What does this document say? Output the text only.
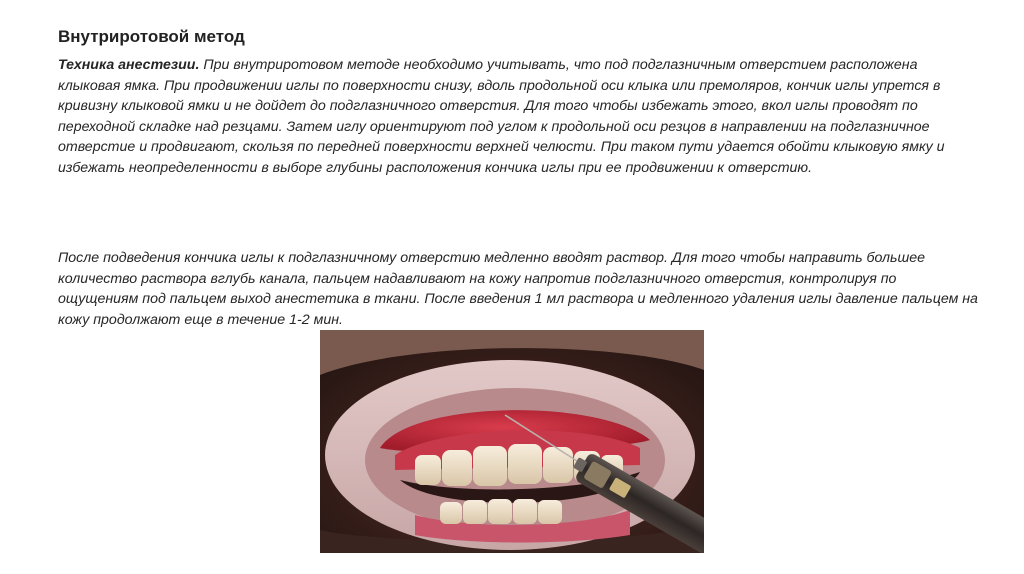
Внутриротовой метод
Техника анестезии. При внутриротовом методе необходимо учитывать, что под подглазничным отверстием расположена клыковая ямка. При продвижении иглы по поверхности снизу, вдоль продольной оси клыка или премоляров, кончик иглы упрется в кривизну клыковой ямки и не дойдет до подглазничного отверстия. Для того чтобы избежать этого, вкол иглы проводят по переходной складке над резцами. Затем иглу ориентируют под углом к продольной оси резцов в направлении на подглазничное отверстие и продвигают, скользя по передней поверхности верхней челюсти. При таком пути удается обойти клыковую ямку и избежать неопределенности в выборе глубины расположения кончика иглы при ее продвижении к отверстию.
После подведения кончика иглы к подглазничному отверстию медленно вводят раствор. Для того чтобы направить большее количество раствора вглубь канала, пальцем надавливают на кожу напротив подглазничного отверстия, контролируя по ощущениям под пальцем выход анестетика в ткани. После введения 1 мл раствора и медленного удаления иглы давление пальцем на кожу продолжают еще в течение 1-2 мин.
